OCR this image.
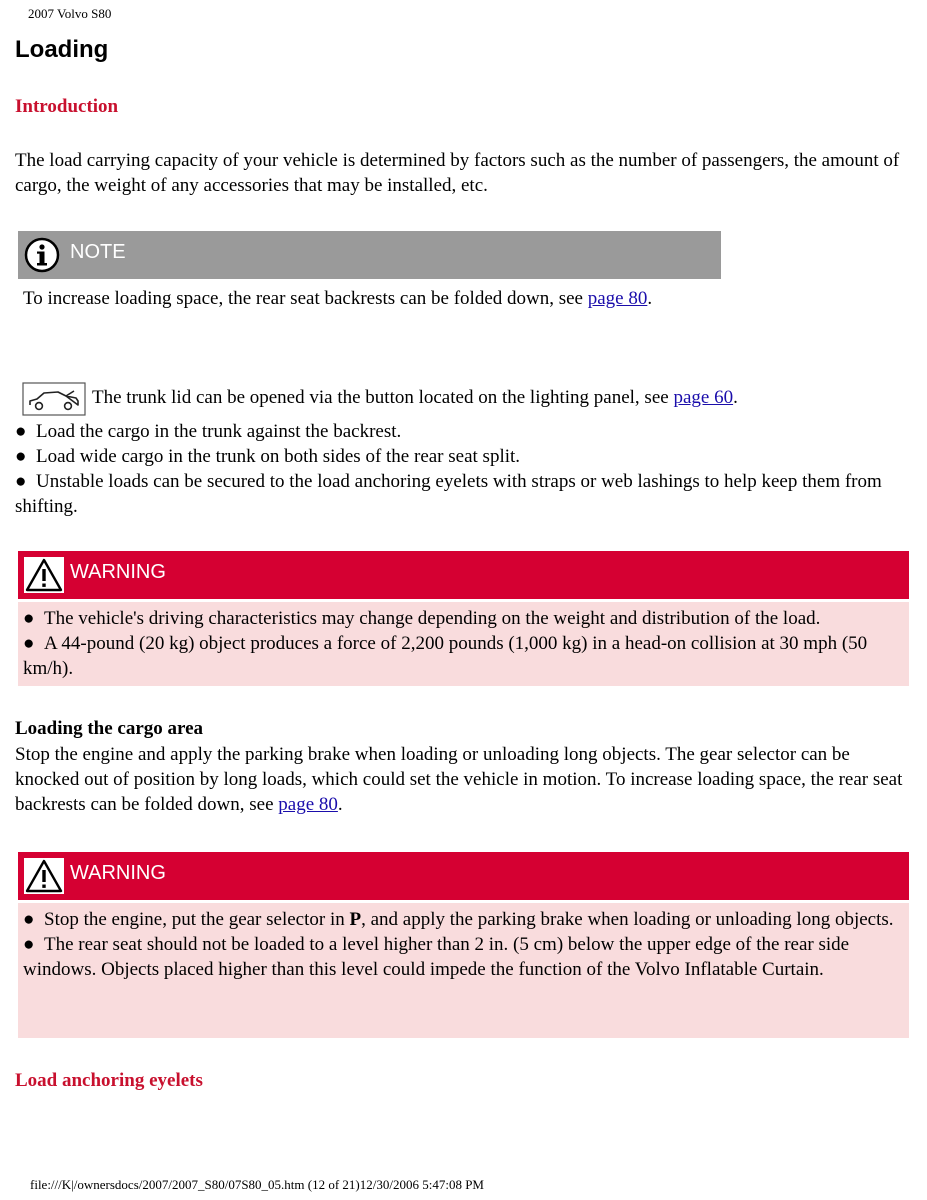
2007 Volvo S80
Loading
Introduction

The load carrying capacity of your vehicle is determined by factors such as the number of passengers, the amount of cargo, the weight of any accessories that may be installed, etc.

NOTE

To increase loading space, the rear seat backrests can be folded down, see page 80.

The trunk lid can be opened via the button located on the lighting panel, see page 60.
● Load the cargo in the trunk against the backrest.
● Load wide cargo in the trunk on both sides of the rear seat split.
● Unstable loads can be secured to the load anchoring eyelets with straps or web lashings to help keep them from shifting.
WARNING
● The vehicle's driving characteristics may change depending on the weight and distribution of the load.
● A 44-pound (20 kg) object produces a force of 2,200 pounds (1,000 kg) in a head-on collision at 30 mph (50 km/h).
Loading the cargo area

Stop the engine and apply the parking brake when loading or unloading long objects. The gear selector can be knocked out of position by long loads, which could set the vehicle in motion. To increase loading space, the rear seat backrests can be folded down, see page 80.

WARNING
● Stop the engine, put the gear selector in P, and apply the parking brake when loading or unloading long objects.
● The rear seat should not be loaded to a level higher than 2 in. (5 cm) below the upper edge of the rear side windows. Objects placed higher than this level could impede the function of the Volvo Inflatable Curtain.
Load anchoring eyelets
file:///K|/ownersdocs/2007/2007_S80/07S80_05.htm (12 of 21)12/30/2006 5:47:08 PM
